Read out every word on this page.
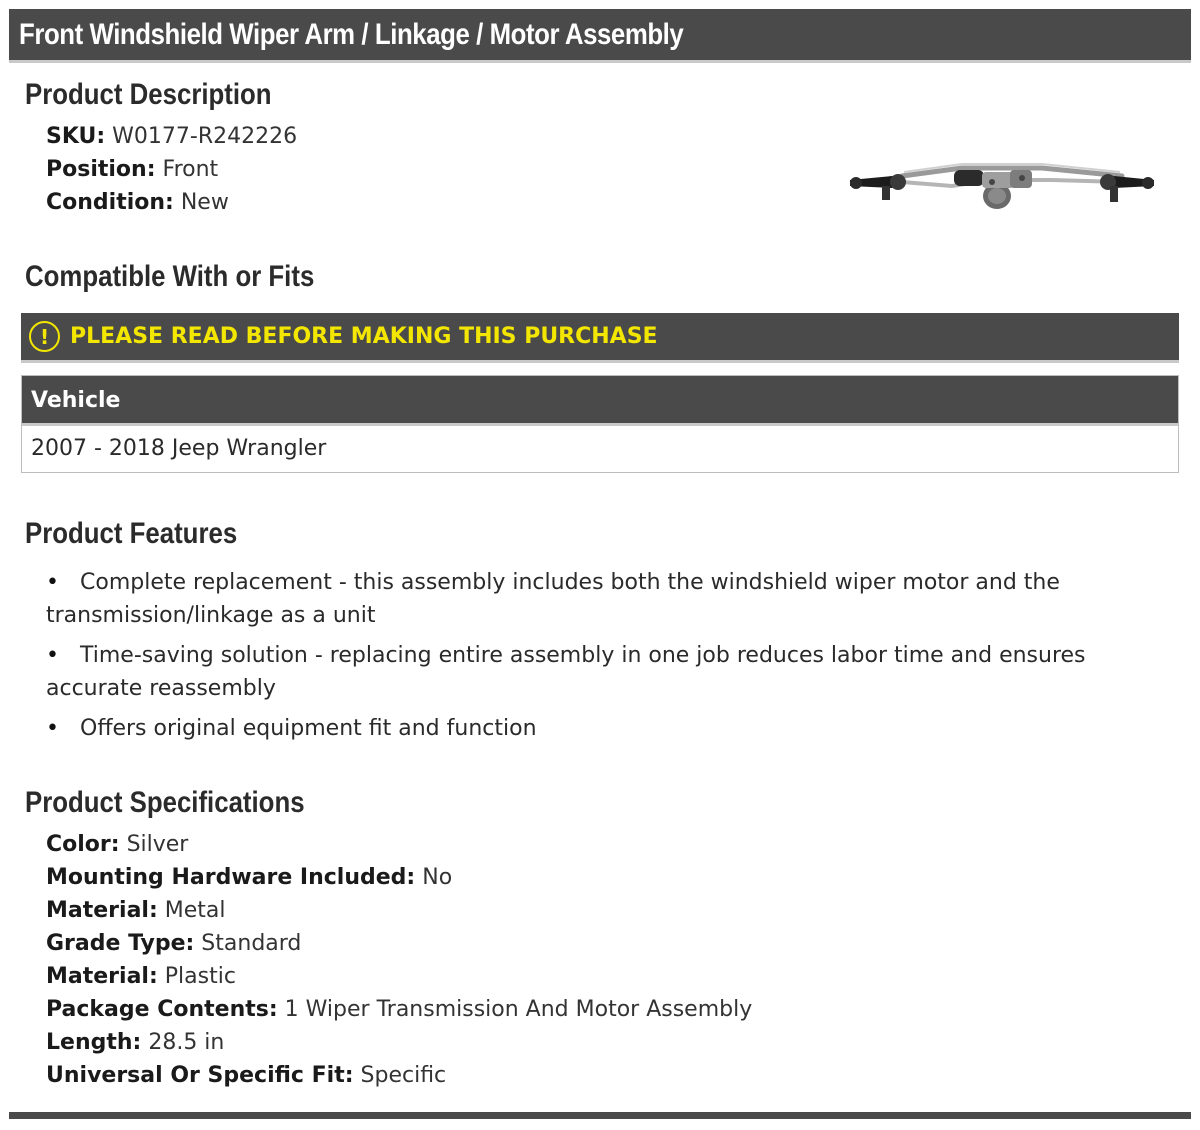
Front Windshield Wiper Arm / Linkage / Motor Assembly
Product Description
SKU: W0177-R242226
Position: Front
Condition: New
Compatible With or Fits
! PLEASE READ BEFORE MAKING THIS PURCHASE
Vehicle
2007 - 2018 Jeep Wrangler
Product Features
• Complete replacement - this assembly includes both the windshield wiper motor and the transmission/linkage as a unit
• Time-saving solution - replacing entire assembly in one job reduces labor time and ensures accurate reassembly
• Offers original equipment fit and function
Product Specifications
Color: Silver
Mounting Hardware Included: No
Material: Metal
Grade Type: Standard
Material: Plastic
Package Contents: 1 Wiper Transmission And Motor Assembly
Length: 28.5 in
Universal Or Specific Fit: Specific
